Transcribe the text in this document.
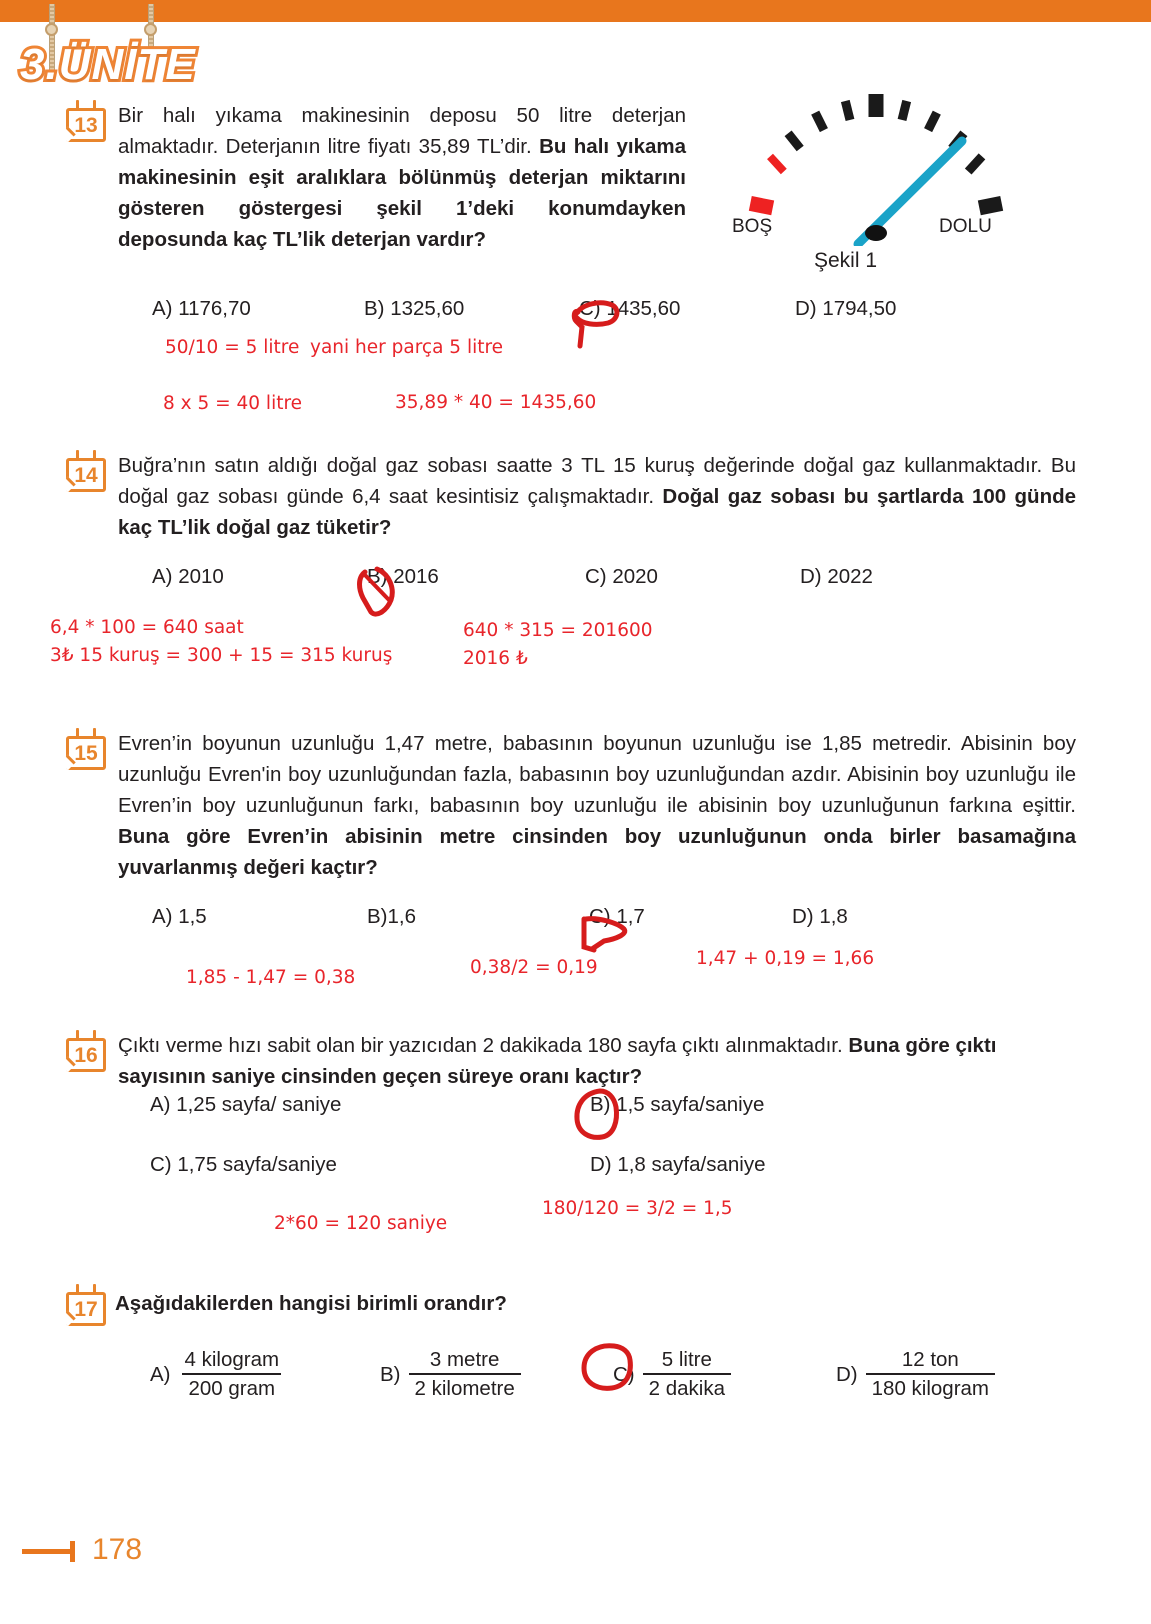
3.ÜNİTE
BOŞ	DOLU
Şekil 1
13 Bir halı yıkama makinesinin deposu 50 litre deterjan almaktadır. Deterjanın litre fiyatı 35,89 TL’dir. Bu halı yıkama makinesinin eşit aralıklara bölünmüş deterjan miktarını gösteren göstergesi şekil 1’deki konumdayken deposunda kaç TL’lik deterjan vardır?
A) 1176,70	B) 1325,60	C) 1435,60	D) 1794,50
50/10 = 5 litre yani her parça 5 litre
8 x 5 = 40 litre	35,89 * 40 = 1435,60
14 Buğra’nın satın aldığı doğal gaz sobası saatte 3 TL 15 kuruş değerinde doğal gaz kullanmaktadır. Bu doğal gaz sobası günde 6,4 saat kesintisiz çalışmaktadır. Doğal gaz sobası bu şartlarda 100 günde kaç TL’lik doğal gaz tüketir?
A) 2010	B) 2016	C) 2020	D) 2022
6,4 * 100 = 640 saat
3₺ 15 kuruş = 300 + 15 = 315 kuruş
640 * 315 = 201600
2016 ₺
15 Evren’in boyunun uzunluğu 1,47 metre, babasının boyunun uzunluğu ise 1,85 metredir. Abisinin boy uzunluğu Evren'in boy uzunluğundan fazla, babasının boy uzunluğundan azdır. Abisinin boy uzunluğu ile Evren’in boy uzunluğunun farkı, babasının boy uzunluğu ile abisinin boy uzunluğunun farkına eşittir. Buna göre Evren’in abisinin metre cinsinden boy uzunluğunun onda birler basamağına yuvarlanmış değeri kaçtır?
A) 1,5	B)1,6	C) 1,7	D) 1,8
1,85 - 1,47 = 0,38	0,38/2 = 0,19	1,47 + 0,19 = 1,66
16 Çıktı verme hızı sabit olan bir yazıcıdan 2 dakikada 180 sayfa çıktı alınmaktadır. Buna göre çıktı sayısının saniye cinsinden geçen süreye oranı kaçtır?
A) 1,25 sayfa/ saniye	B) 1,5 sayfa/saniye
C) 1,75 sayfa/saniye	D) 1,8 sayfa/saniye
2*60 = 120 saniye
180/120 = 3/2 = 1,5
17 Aşağıdakilerden hangisi birimli orandır?
$A) \frac{\text{4 kilogram}}{\text{200 gram}}$	$B) \frac{\text{3 metre}}{\text{2 kilometre}}$	$C) \frac{\text{5 litre}}{\text{2 dakika}}$	$D) \frac{\text{12 ton}}{\text{180 kilogram}}$
178
